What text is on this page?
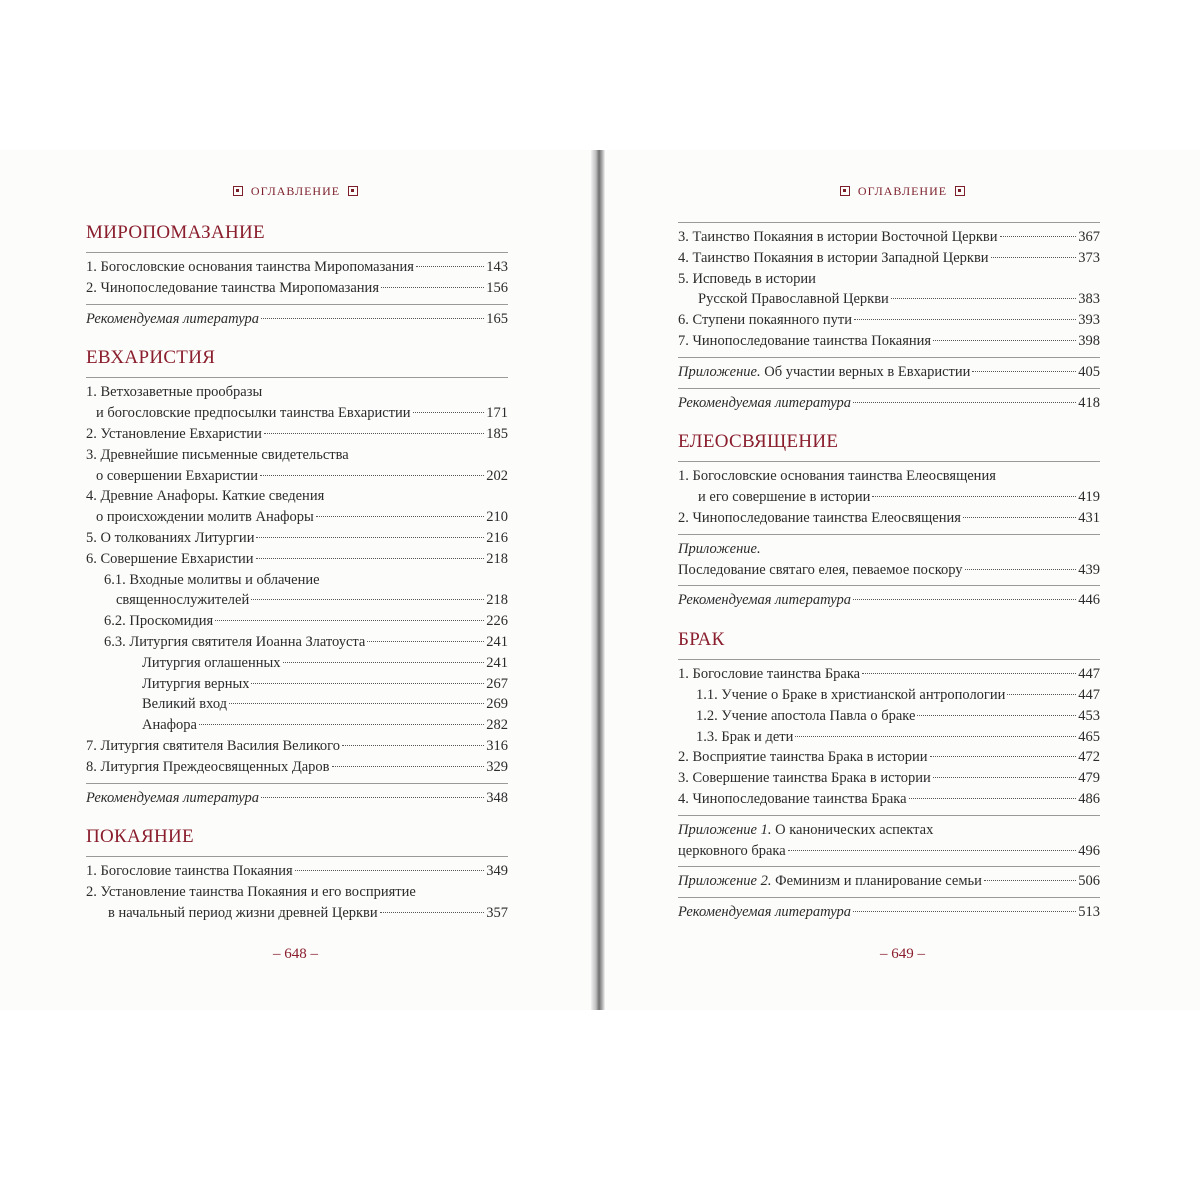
ОГЛАВЛЕНИЕ
МИРОПОМАЗАНИЕ
1. Богословские основания таинства Миропомазания	143
2. Чинопоследование таинства Миропомазания	156
Рекомендуемая литература	165
ЕВХАРИСТИЯ
1. Ветхозаветные прообразы
и богословские предпосылки таинства Евхаристии	171
2. Установление Евхаристии	185
3. Древнейшие письменные свидетельства
о совершении Евхаристии	202
4. Древние Анафоры. Каткие сведения
о происхождении молитв Анафоры	210
5. О толкованиях Литургии	216
6. Совершение Евхаристии	218
6.1. Входные молитвы и облачение
священнослужителей	218
6.2. Проскомидия	226
6.3. Литургия святителя Иоанна Златоуста	241
Литургия оглашенных	241
Литургия верных	267
Великий вход	269
Анафора	282
7. Литургия святителя Василия Великого	316
8. Литургия Преждеосвященных Даров	329
Рекомендуемая литература	348
ПОКАЯНИЕ
1. Богословие таинства Покаяния	349
2. Установление таинства Покаяния и его восприятие
в начальный период жизни древней Церкви	357
– 648 –
ОГЛАВЛЕНИЕ
3. Таинство Покаяния в истории Восточной Церкви	367
4. Таинство Покаяния в истории Западной Церкви	373
5. Исповедь в истории
Русской Православной Церкви	383
6. Ступени покаянного пути	393
7. Чинопоследование таинства Покаяния	398
Приложение. Об участии верных в Евхаристии	405
Рекомендуемая литература	418
ЕЛЕОСВЯЩЕНИЕ
1. Богословские основания таинства Елеосвящения
и его совершение в истории	419
2. Чинопоследование таинства Елеосвящения	431
Приложение.
Последование святаго елея, певаемое поскору	439
Рекомендуемая литература	446
БРАК
1. Богословие таинства Брака	447
1.1. Учение о Браке в христианской антропологии	447
1.2. Учение апостола Павла о браке	453
1.3. Брак и дети	465
2. Восприятие таинства Брака в истории	472
3. Совершение таинства Брака в истории	479
4. Чинопоследование таинства Брака	486
Приложение 1. О канонических аспектах
церковного брака	496
Приложение 2. Феминизм и планирование семьи	506
Рекомендуемая литература	513
– 649 –
